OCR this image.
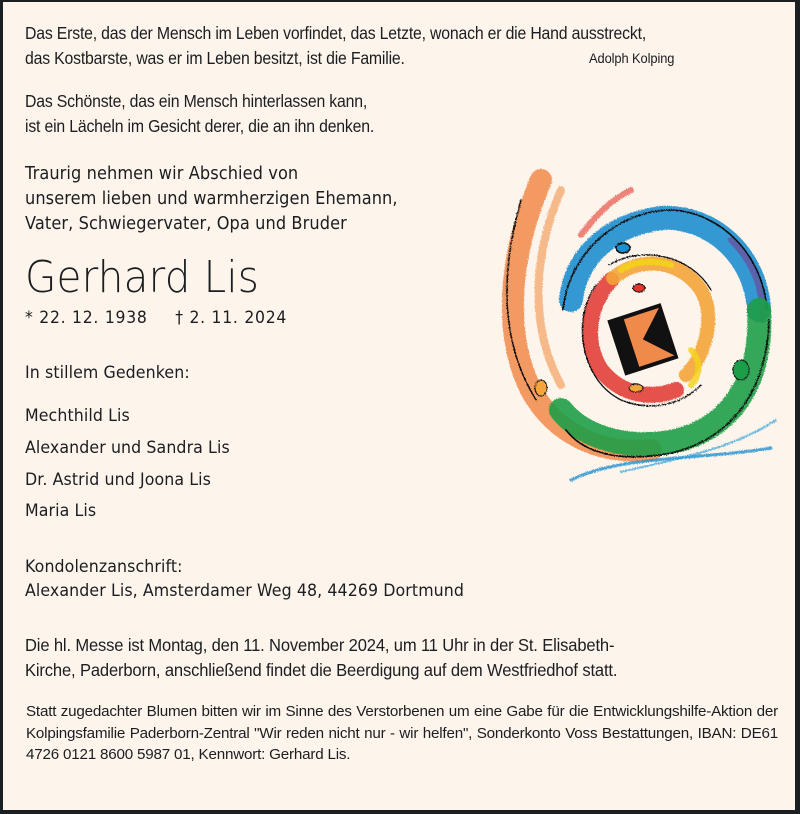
Das Erste, das der Mensch im Leben vorfindet, das Letzte, wonach er die Hand ausstreckt,
das Kostbarste, was er im Leben besitzt, ist die Familie.	Adolph Kolping
Das Schönste, das ein Mensch hinterlassen kann,
ist ein Lächeln im Gesicht derer, die an ihn denken.
Traurig nehmen wir Abschied von
unserem lieben und warmherzigen Ehemann,
Vater, Schwiegervater, Opa und Bruder
Gerhard Lis
* 22. 12. 1938 † 2. 11. 2024
In stillem Gedenken:
Mechthild Lis
Alexander und Sandra Lis
Dr. Astrid und Joona Lis
Maria Lis
Kondolenzanschrift:
Alexander Lis, Amsterdamer Weg 48, 44269 Dortmund
Die hl. Messe ist Montag, den 11. November 2024, um 11 Uhr in der St. Elisabeth-
Kirche, Paderborn, anschließend findet die Beerdigung auf dem Westfriedhof statt.
Statt zugedachter Blumen bitten wir im Sinne des Verstorbenen um eine Gabe für die Entwicklungshilfe-Aktion der Kolpingsfamilie Paderborn-Zentral "Wir reden nicht nur - wir helfen", Sonderkonto Voss Bestattungen, IBAN: DE61 4726 0121 8600 5987 01, Kennwort: Gerhard Lis.
